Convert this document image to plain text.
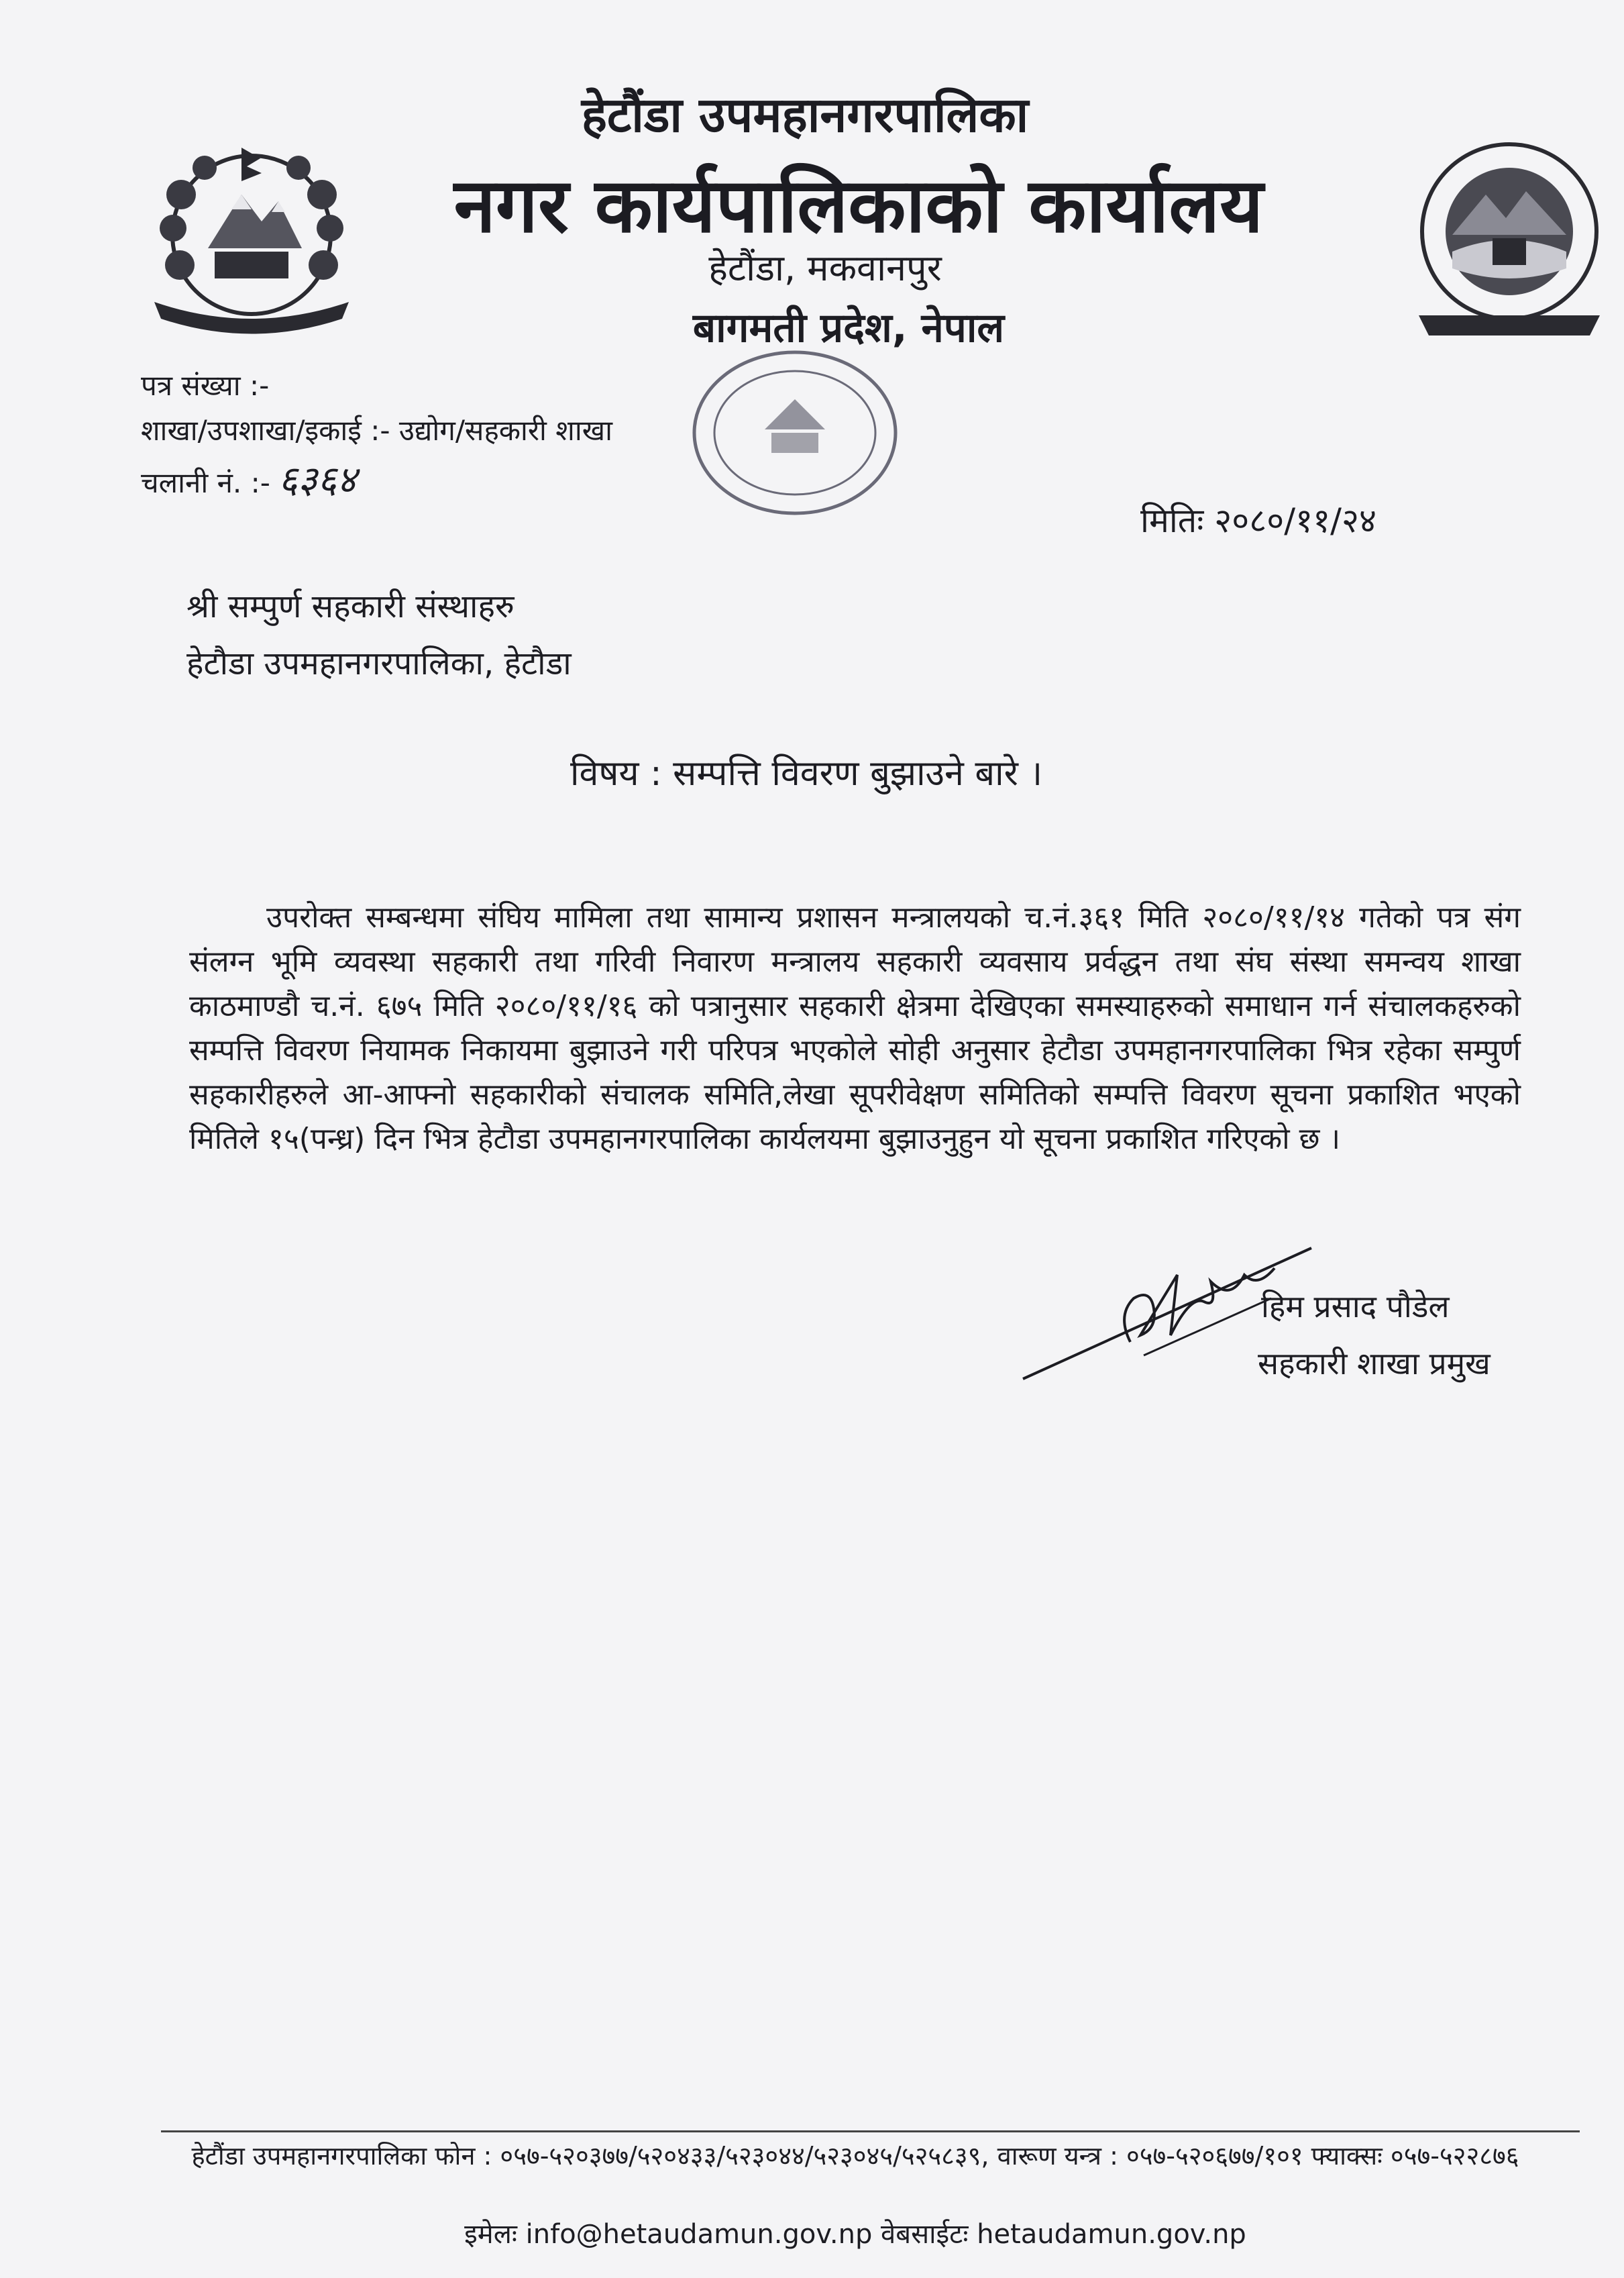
हेटौंडा उपमहानगरपालिका
नगर कार्यपालिकाको कार्यालय
हेटौंडा, मकवानपुर
बागमती प्रदेश, नेपाल
पत्र संख्या :-
शाखा/उपशाखा/इकाई :- उद्योग/सहकारी शाखा
चलानी नं. :- ६३६४
मितिः २०८०/११/२४
श्री सम्पुर्ण सहकारी संस्थाहरु
हेटौडा उपमहानगरपालिका, हेटौडा
विषय : सम्पत्ति विवरण बुझाउने बारे ।
उपरोक्त सम्बन्धमा संघिय मामिला तथा सामान्य प्रशासन मन्त्रालयको च.नं.३६१ मिति २०८०/११/१४ गतेको पत्र संग संलग्न भूमि व्यवस्था सहकारी तथा गरिवी निवारण मन्त्रालय सहकारी व्यवसाय प्रर्वद्धन तथा संघ संस्था समन्वय शाखा काठमाण्डौ च.नं. ६७५ मिति २०८०/११/१६ को पत्रानुसार सहकारी क्षेत्रमा देखिएका समस्याहरुको समाधान गर्न संचालकहरुको सम्पत्ति विवरण नियामक निकायमा बुझाउने गरी परिपत्र भएकोले सोही अनुसार हेटौडा उपमहानगरपालिका भित्र रहेका सम्पुर्ण सहकारीहरुले आ-आफ्नो सहकारीको संचालक समिति,लेखा सूपरीवेक्षण समितिको सम्पत्ति विवरण सूचना प्रकाशित भएको मितिले १५(पन्ध्र) दिन भित्र हेटौडा उपमहानगरपालिका कार्यलयमा बुझाउनुहुन यो सूचना प्रकाशित गरिएको छ ।
हिम प्रसाद पौडेल
सहकारी शाखा प्रमुख
हेटौंडा उपमहानगरपालिका फोन : ०५७-५२०३७७/५२०४३३/५२३०४४/५२३०४५/५२५८३९, वारूण यन्त्र : ०५७-५२०६७७/१०१ फ्याक्सः ०५७-५२२८७६
इमेलः info@hetaudamun.gov.np वेबसाईटः hetaudamun.gov.np
